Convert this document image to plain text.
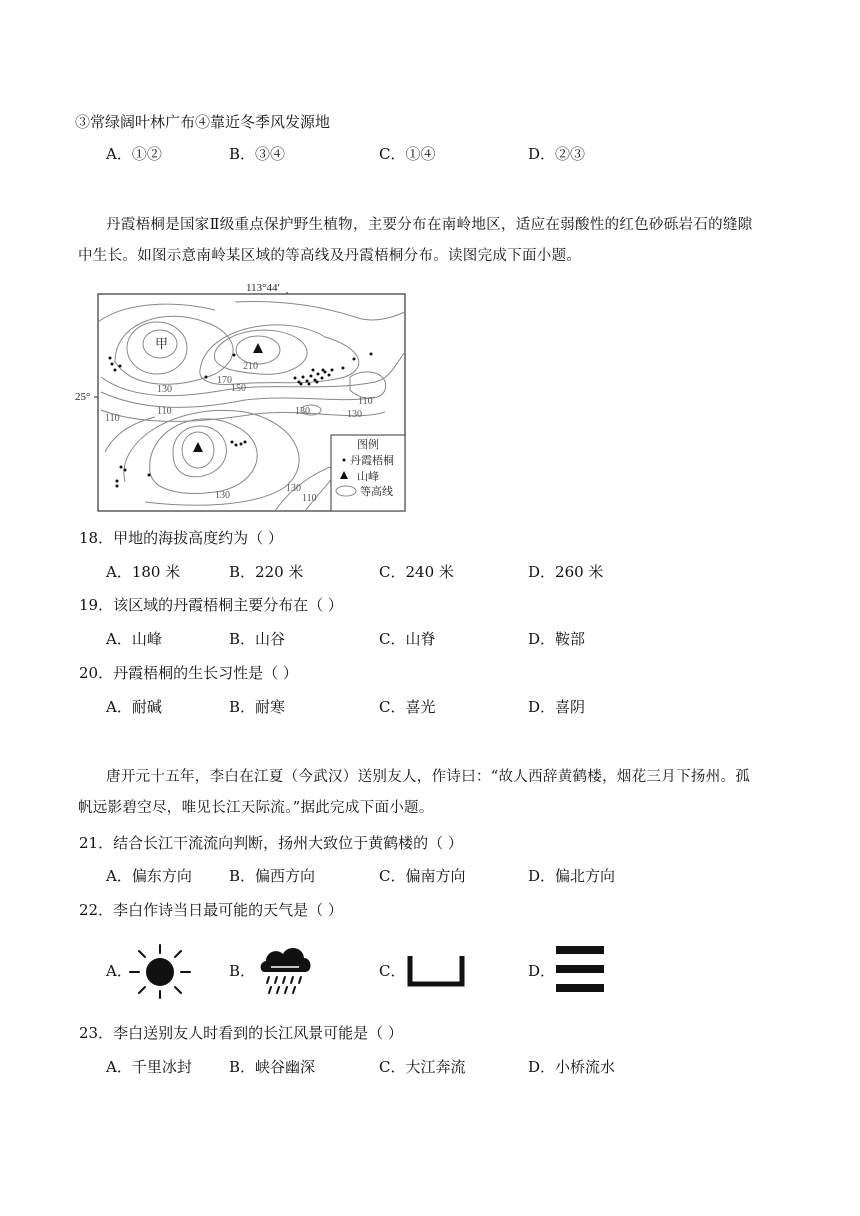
③常绿阔叶林广布④靠近冬季风发源地
A．①②	B．③④	C．①④	D．②③
丹霞梧桐是国家Ⅱ级重点保护野生植物，主要分布在南岭地区，适应在弱酸性的红色砂砾岩石的缝隙
中生长。如图示意南岭某区域的等高线及丹霞梧桐分布。读图完成下面小题。
113°44′
25°
210
170
150
130
110	130	130
110
110
130
130
110
甲
图例
丹霞梧桐
山峰
等高线
18．甲地的海拔高度约为（ ）
A．180 米	B．220 米	C．240 米	D．260 米
19．该区域的丹霞梧桐主要分布在（ ）
A．山峰	B．山谷	C．山脊	D．鞍部
20．丹霞梧桐的生长习性是（ ）
A．耐碱	B．耐寒	C．喜光	D．喜阴
唐开元十五年，李白在江夏（今武汉）送别友人，作诗曰：“故人西辞黄鹤楼，烟花三月下扬州。孤
帆远影碧空尽，唯见长江天际流。”据此完成下面小题。
21．结合长江干流流向判断，扬州大致位于黄鹤楼的（ ）
A．偏东方向 B．偏西方向	C．偏南方向	D．偏北方向
22．李白作诗当日最可能的天气是（ ）
A．	B．	C．	D．
23．李白送别友人时看到的长江风景可能是（ ）
A．千里冰封 B．峡谷幽深	C．大江奔流	D．小桥流水
